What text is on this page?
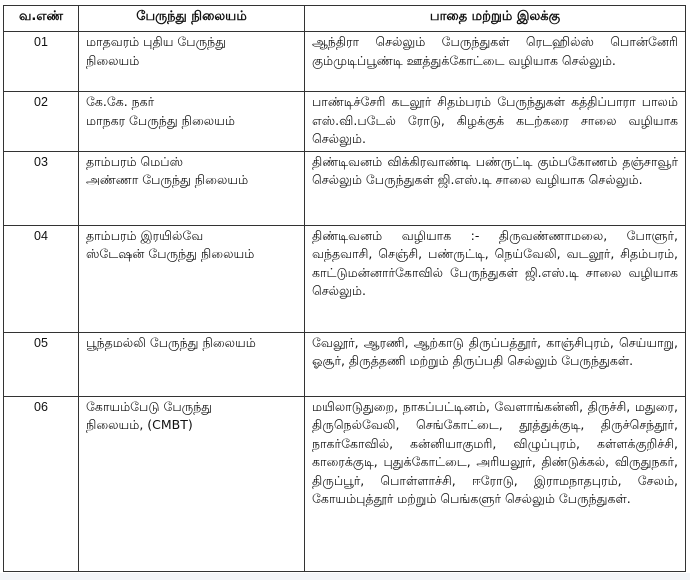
வ.எண்	பேருந்து நிலையம்	பாதை மற்றும் இலக்கு
01	மாதவரம் புதிய பேருந்து
நிலையம்	ஆந்திரா செல்லும் பேருந்துகள் ரெடஹில்ஸ் பொன்னேரி கும்முடிப்பூண்டி ஊத்துக்கோட்டை வழியாக செல்லும்.
02	கே.கே. நகர்
மாநகர பேருந்து நிலையம்	பாண்டிச்சேரி கடலூர் சிதம்பரம் பேருந்துகள் கத்திப்பாரா பாலம் எஸ்.வி.படேல் ரோடு, கிழக்குக் கடற்கரை சாலை வழியாக செல்லும்.
03	தாம்பரம் மெப்ஸ்
அண்ணா பேருந்து நிலையம்	திண்டிவனம் விக்கிரவாண்டி பண்ருட்டி கும்பகோணம் தஞ்சாவூர் செல்லும் பேருந்துகள் ஜி.எஸ்.டி சாலை வழியாக செல்லும்.
04	தாம்பரம் இரயில்வே
ஸ்டேஷன் பேருந்து நிலையம்	திண்டிவனம் வழியாக :- திருவண்ணாமலை, போளுர், வந்தவாசி, செஞ்சி, பண்ருட்டி, நெய்வேலி, வடலூர், சிதம்பரம், காட்டுமன்னார்கோவில் பேருந்துகள் ஜி.எஸ்.டி சாலை வழியாக செல்லும்.
05	பூந்தமல்லி பேருந்து நிலையம்	வேலூர், ஆரணி, ஆற்காடு திருப்பத்தூர், காஞ்சிபுரம், செய்யாறு, ஓசூர், திருத்தணி மற்றும் திருப்பதி செல்லும் பேருந்துகள்.
06	கோயம்பேடு பேருந்து
நிலையம், (CMBT)	மயிலாடுதுறை, நாகப்பட்டினம், வேளாங்கன்னி, திருச்சி, மதுரை, திருநெல்வேலி, செங்கோட்டை, தூத்துக்குடி, திருச்செந்தூர், நாகர்கோவில், கன்னியாகுமரி, விழுப்புரம், கள்ளக்குறிச்சி, காரைக்குடி, புதுக்கோட்டை, அரியலூர், திண்டுக்கல், விருதுநகர், திருப்பூர், பொள்ளாச்சி, ஈரோடு, இராமநாதபுரம், சேலம், கோயம்புத்தூர் மற்றும் பெங்களுர் செல்லும் பேருந்துகள்.
